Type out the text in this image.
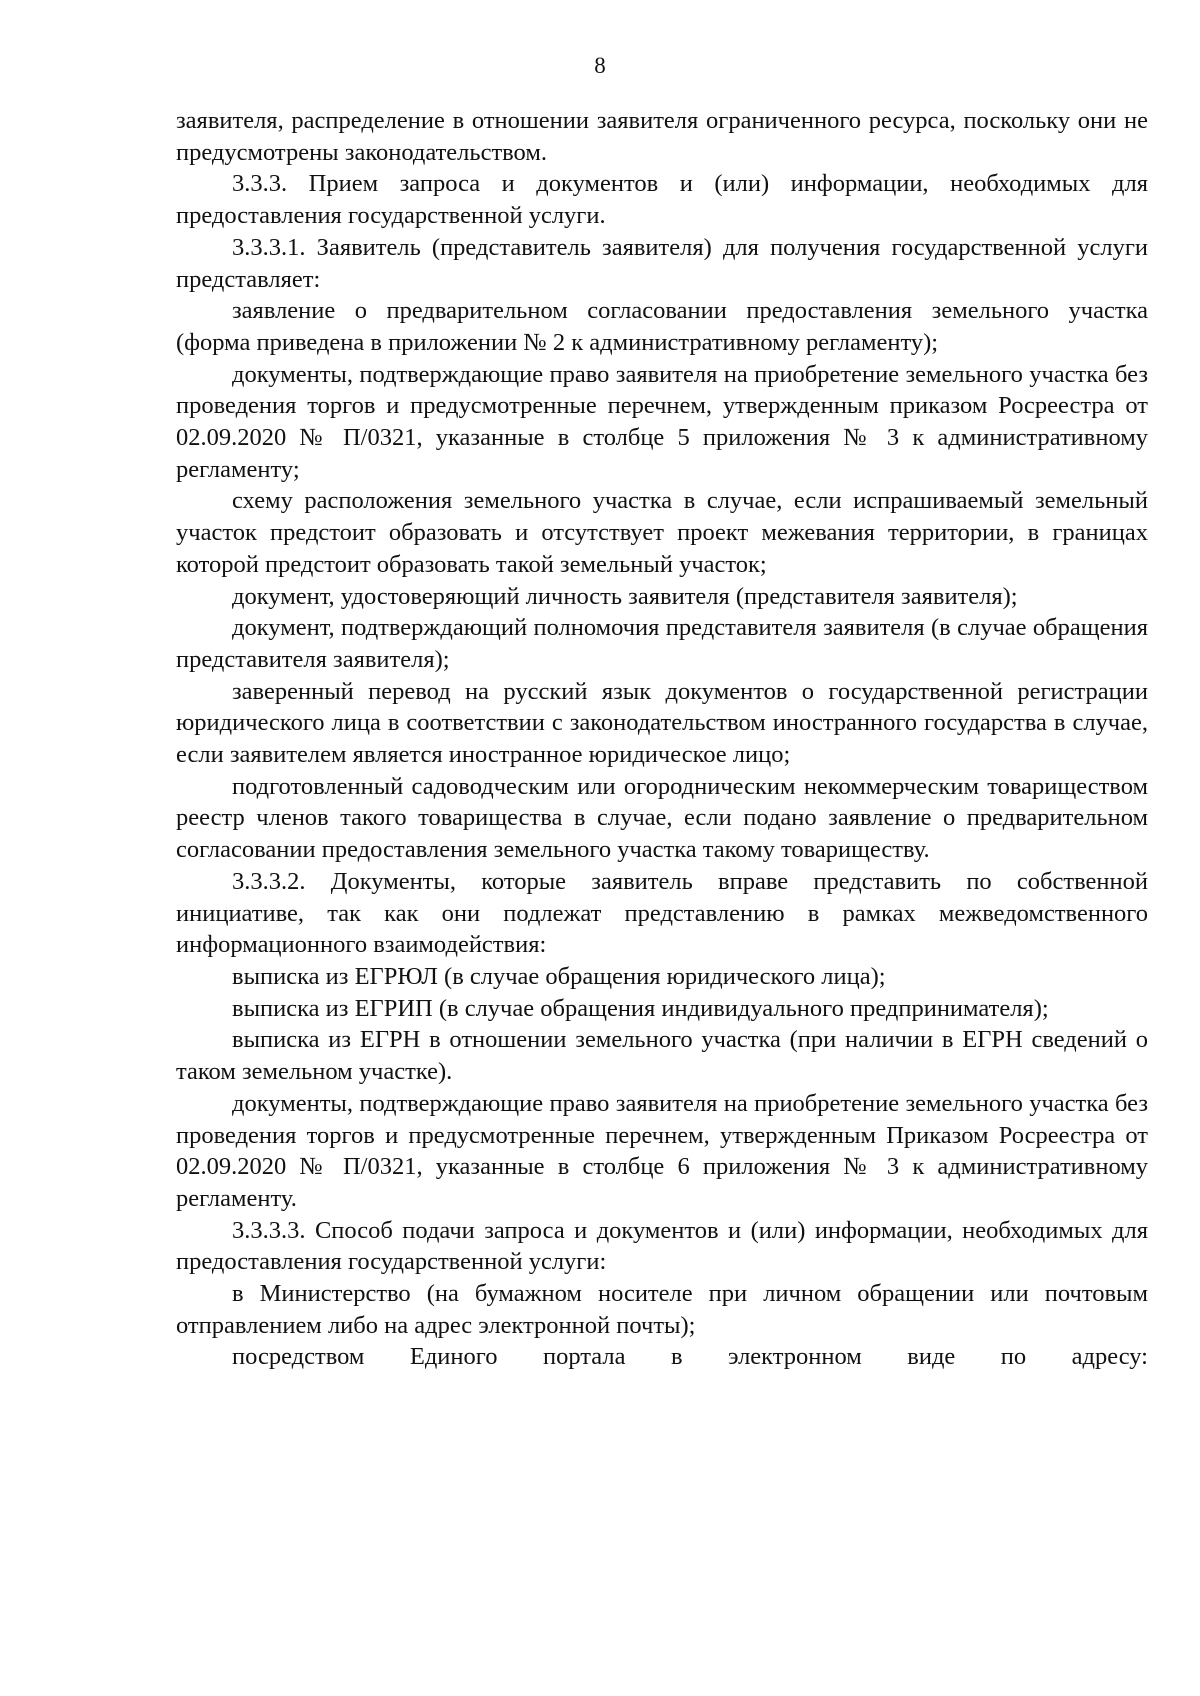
8

заявителя, распределение в отношении заявителя ограниченного ресурса, поскольку они не предусмотрены законодательством.

3.3.3. Прием запроса и документов и (или) информации, необходимых для предоставления государственной услуги.

3.3.3.1. Заявитель (представитель заявителя) для получения государственной услуги представляет:

заявление о предварительном согласовании предоставления земельного участка (форма приведена в приложении № 2 к административному регламенту);

документы, подтверждающие право заявителя на приобретение земельного участка без проведения торгов и предусмотренные перечнем, утвержденным приказом Росреестра от 02.09.2020 № П/0321, указанные в столбце 5 приложения № 3 к административному регламенту;

схему расположения земельного участка в случае, если испрашиваемый земельный участок предстоит образовать и отсутствует проект межевания территории, в границах которой предстоит образовать такой земельный участок;

документ, удостоверяющий личность заявителя (представителя заявителя);

документ, подтверждающий полномочия представителя заявителя (в случае обращения представителя заявителя);

заверенный перевод на русский язык документов о государственной регистрации юридического лица в соответствии с законодательством иностранного государства в случае, если заявителем является иностранное юридическое лицо;

подготовленный садоводческим или огородническим некоммерческим товариществом реестр членов такого товарищества в случае, если подано заявление о предварительном согласовании предоставления земельного участка такому товариществу.

3.3.3.2. Документы, которые заявитель вправе представить по собственной инициативе, так как они подлежат представлению в рамках межведомственного информационного взаимодействия:

выписка из ЕГРЮЛ (в случае обращения юридического лица);

выписка из ЕГРИП (в случае обращения индивидуального предпринимателя);

выписка из ЕГРН в отношении земельного участка (при наличии в ЕГРН сведений о таком земельном участке).

документы, подтверждающие право заявителя на приобретение земельного участка без проведения торгов и предусмотренные перечнем, утвержденным Приказом Росреестра от 02.09.2020 № П/0321, указанные в столбце 6 приложения № 3 к административному регламенту.

3.3.3.3. Способ подачи запроса и документов и (или) информации, необходимых для предоставления государственной услуги:

в Министерство (на бумажном носителе при личном обращении или почтовым отправлением либо на адрес электронной почты);

посредством Единого портала в электронном виде по адресу:
